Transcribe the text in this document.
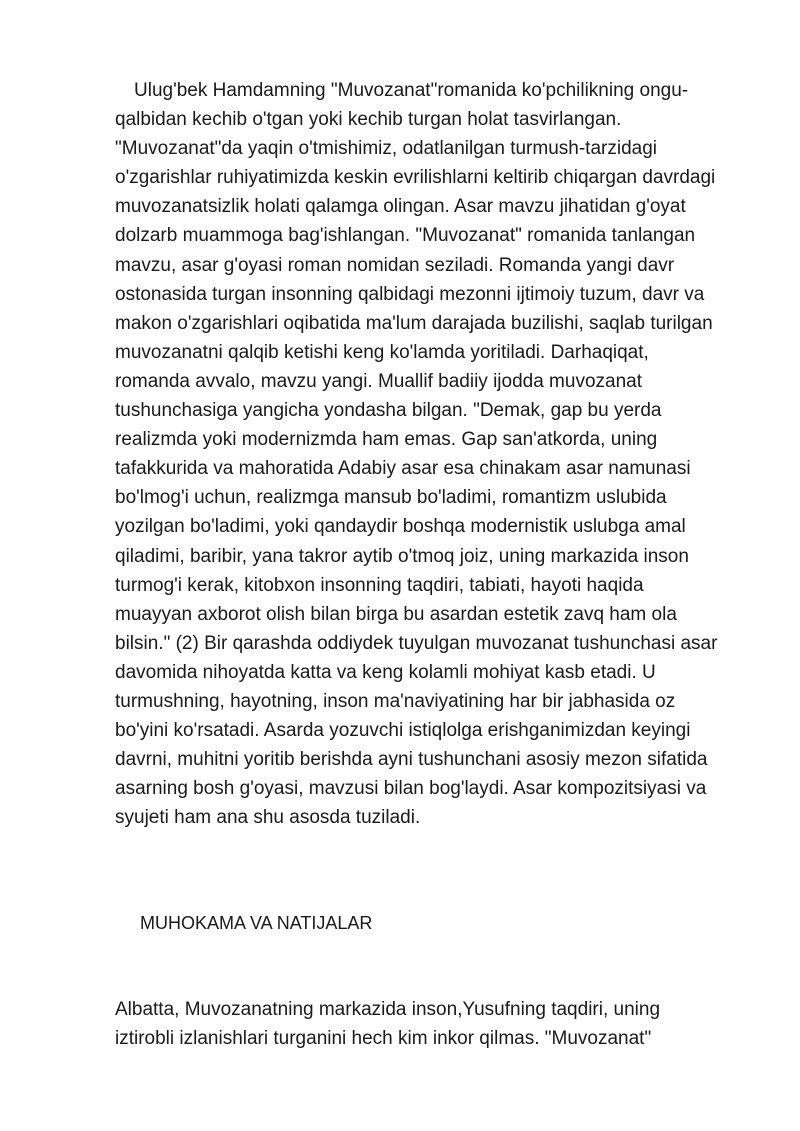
Ulug'bek Hamdamning "Muvozanat"romanida ko'pchilikning ongu-
qalbidan kechib o'tgan yoki kechib turgan holat tasvirlangan.
"Muvozanat"da yaqin o'tmishimiz, odatlanilgan turmush-tarzidagi
o'zgarishlar ruhiyatimizda keskin evrilishlarni keltirib chiqargan davrdagi
muvozanatsizlik holati qalamga olingan. Asar mavzu jihatidan g'oyat
dolzarb muammoga bag'ishlangan. "Muvozanat" romanida tanlangan
mavzu, asar g'oyasi roman nomidan seziladi. Romanda yangi davr
ostonasida turgan insonning qalbidagi mezonni ijtimoiy tuzum, davr va
makon o'zgarishlari oqibatida ma'lum darajada buzilishi, saqlab turilgan
muvozanatni qalqib ketishi keng ko'lamda yoritiladi. Darhaqiqat,
romanda avvalo, mavzu yangi. Muallif badiiy ijodda muvozanat
tushunchasiga yangicha yondasha bilgan. "Demak, gap bu yerda
realizmda yoki modernizmda ham emas. Gap san'atkorda, uning
tafakkurida va mahoratida Adabiy asar esa chinakam asar namunasi
bo'lmog'i uchun, realizmga mansub bo'ladimi, romantizm uslubida
yozilgan bo'ladimi, yoki qandaydir boshqa modernistik uslubga amal
qiladimi, baribir, yana takror aytib o'tmoq joiz, uning markazida inson
turmog'i kerak, kitobxon insonning taqdiri, tabiati, hayoti haqida
muayyan axborot olish bilan birga bu asardan estetik zavq ham ola
bilsin." (2) Bir qarashda oddiydek tuyulgan muvozanat tushunchasi asar
davomida nihoyatda katta va keng kolamli mohiyat kasb etadi. U
turmushning, hayotning, inson ma'naviyatining har bir jabhasida oz
bo'yini ko'rsatadi. Asarda yozuvchi istiqlolga erishganimizdan keyingi
davrni, muhitni yoritib berishda ayni tushunchani asosiy mezon sifatida
asarning bosh g'oyasi, mavzusi bilan bog'laydi. Asar kompozitsiyasi va
syujeti ham ana shu asosda tuziladi.
MUHOKAMA VA NATIJALAR
Albatta, Muvozanatning markazida inson,Yusufning taqdiri, uning
iztirobli izlanishlari turganini hech kim inkor qilmas. "Muvozanat"
